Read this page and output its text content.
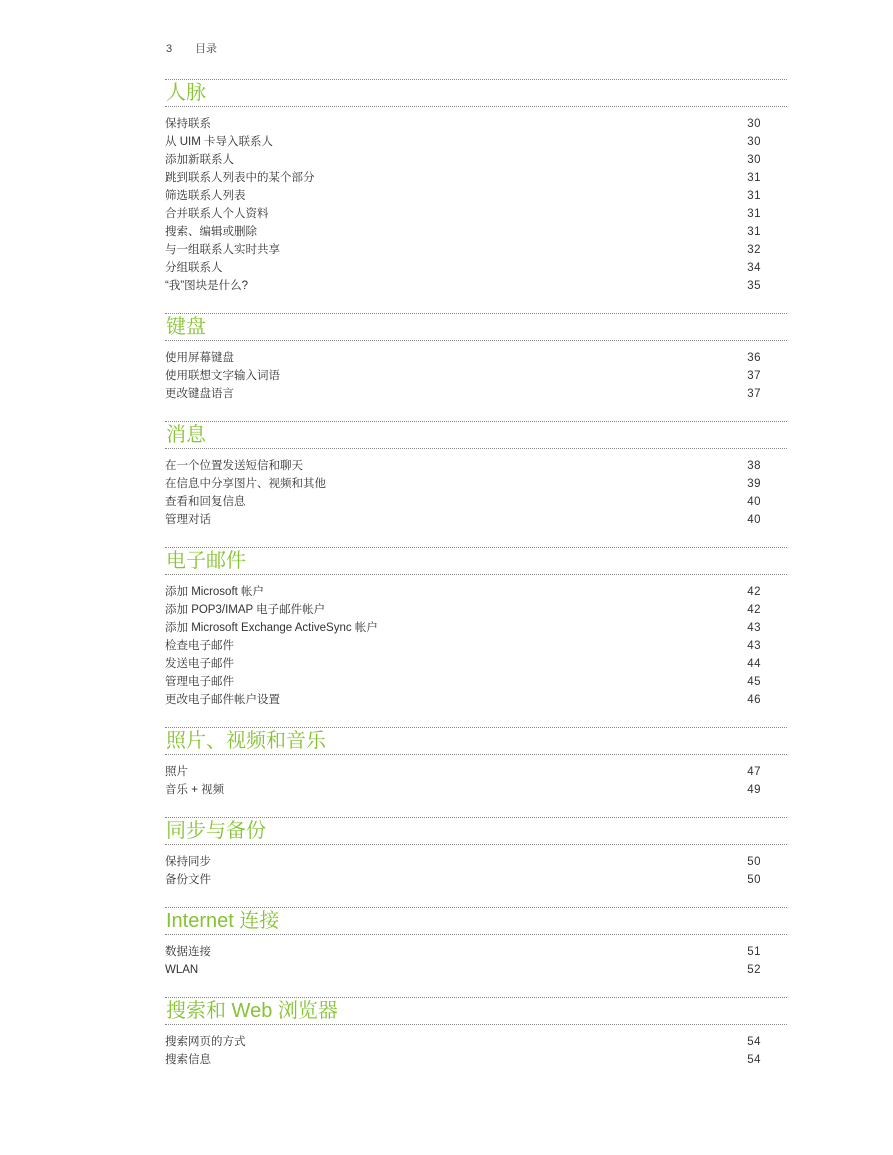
3 目录
人脉
保持联系	30
从 UIM 卡导入联系人	30
添加新联系人	30
跳到联系人列表中的某个部分	31
筛选联系人列表	31
合并联系人个人资料	31
搜索、编辑或删除	31
与一组联系人实时共享	32
分组联系人	34
“我”图块是什么?	35
键盘
使用屏幕键盘	36
使用联想文字输入词语	37
更改键盘语言	37
消息
在一个位置发送短信和聊天	38
在信息中分享图片、视频和其他	39
查看和回复信息	40
管理对话	40
电子邮件
添加 Microsoft 帐户	42
添加 POP3/IMAP 电子邮件帐户	42
添加 Microsoft Exchange ActiveSync 帐户	43
检查电子邮件	43
发送电子邮件	44
管理电子邮件	45
更改电子邮件帐户设置	46
照片、视频和音乐
照片	47
音乐 + 视频	49
同步与备份
保持同步	50
备份文件	50
Internet 连接
数据连接	51
WLAN	52
搜索和 Web 浏览器
搜索网页的方式	54
搜索信息	54
